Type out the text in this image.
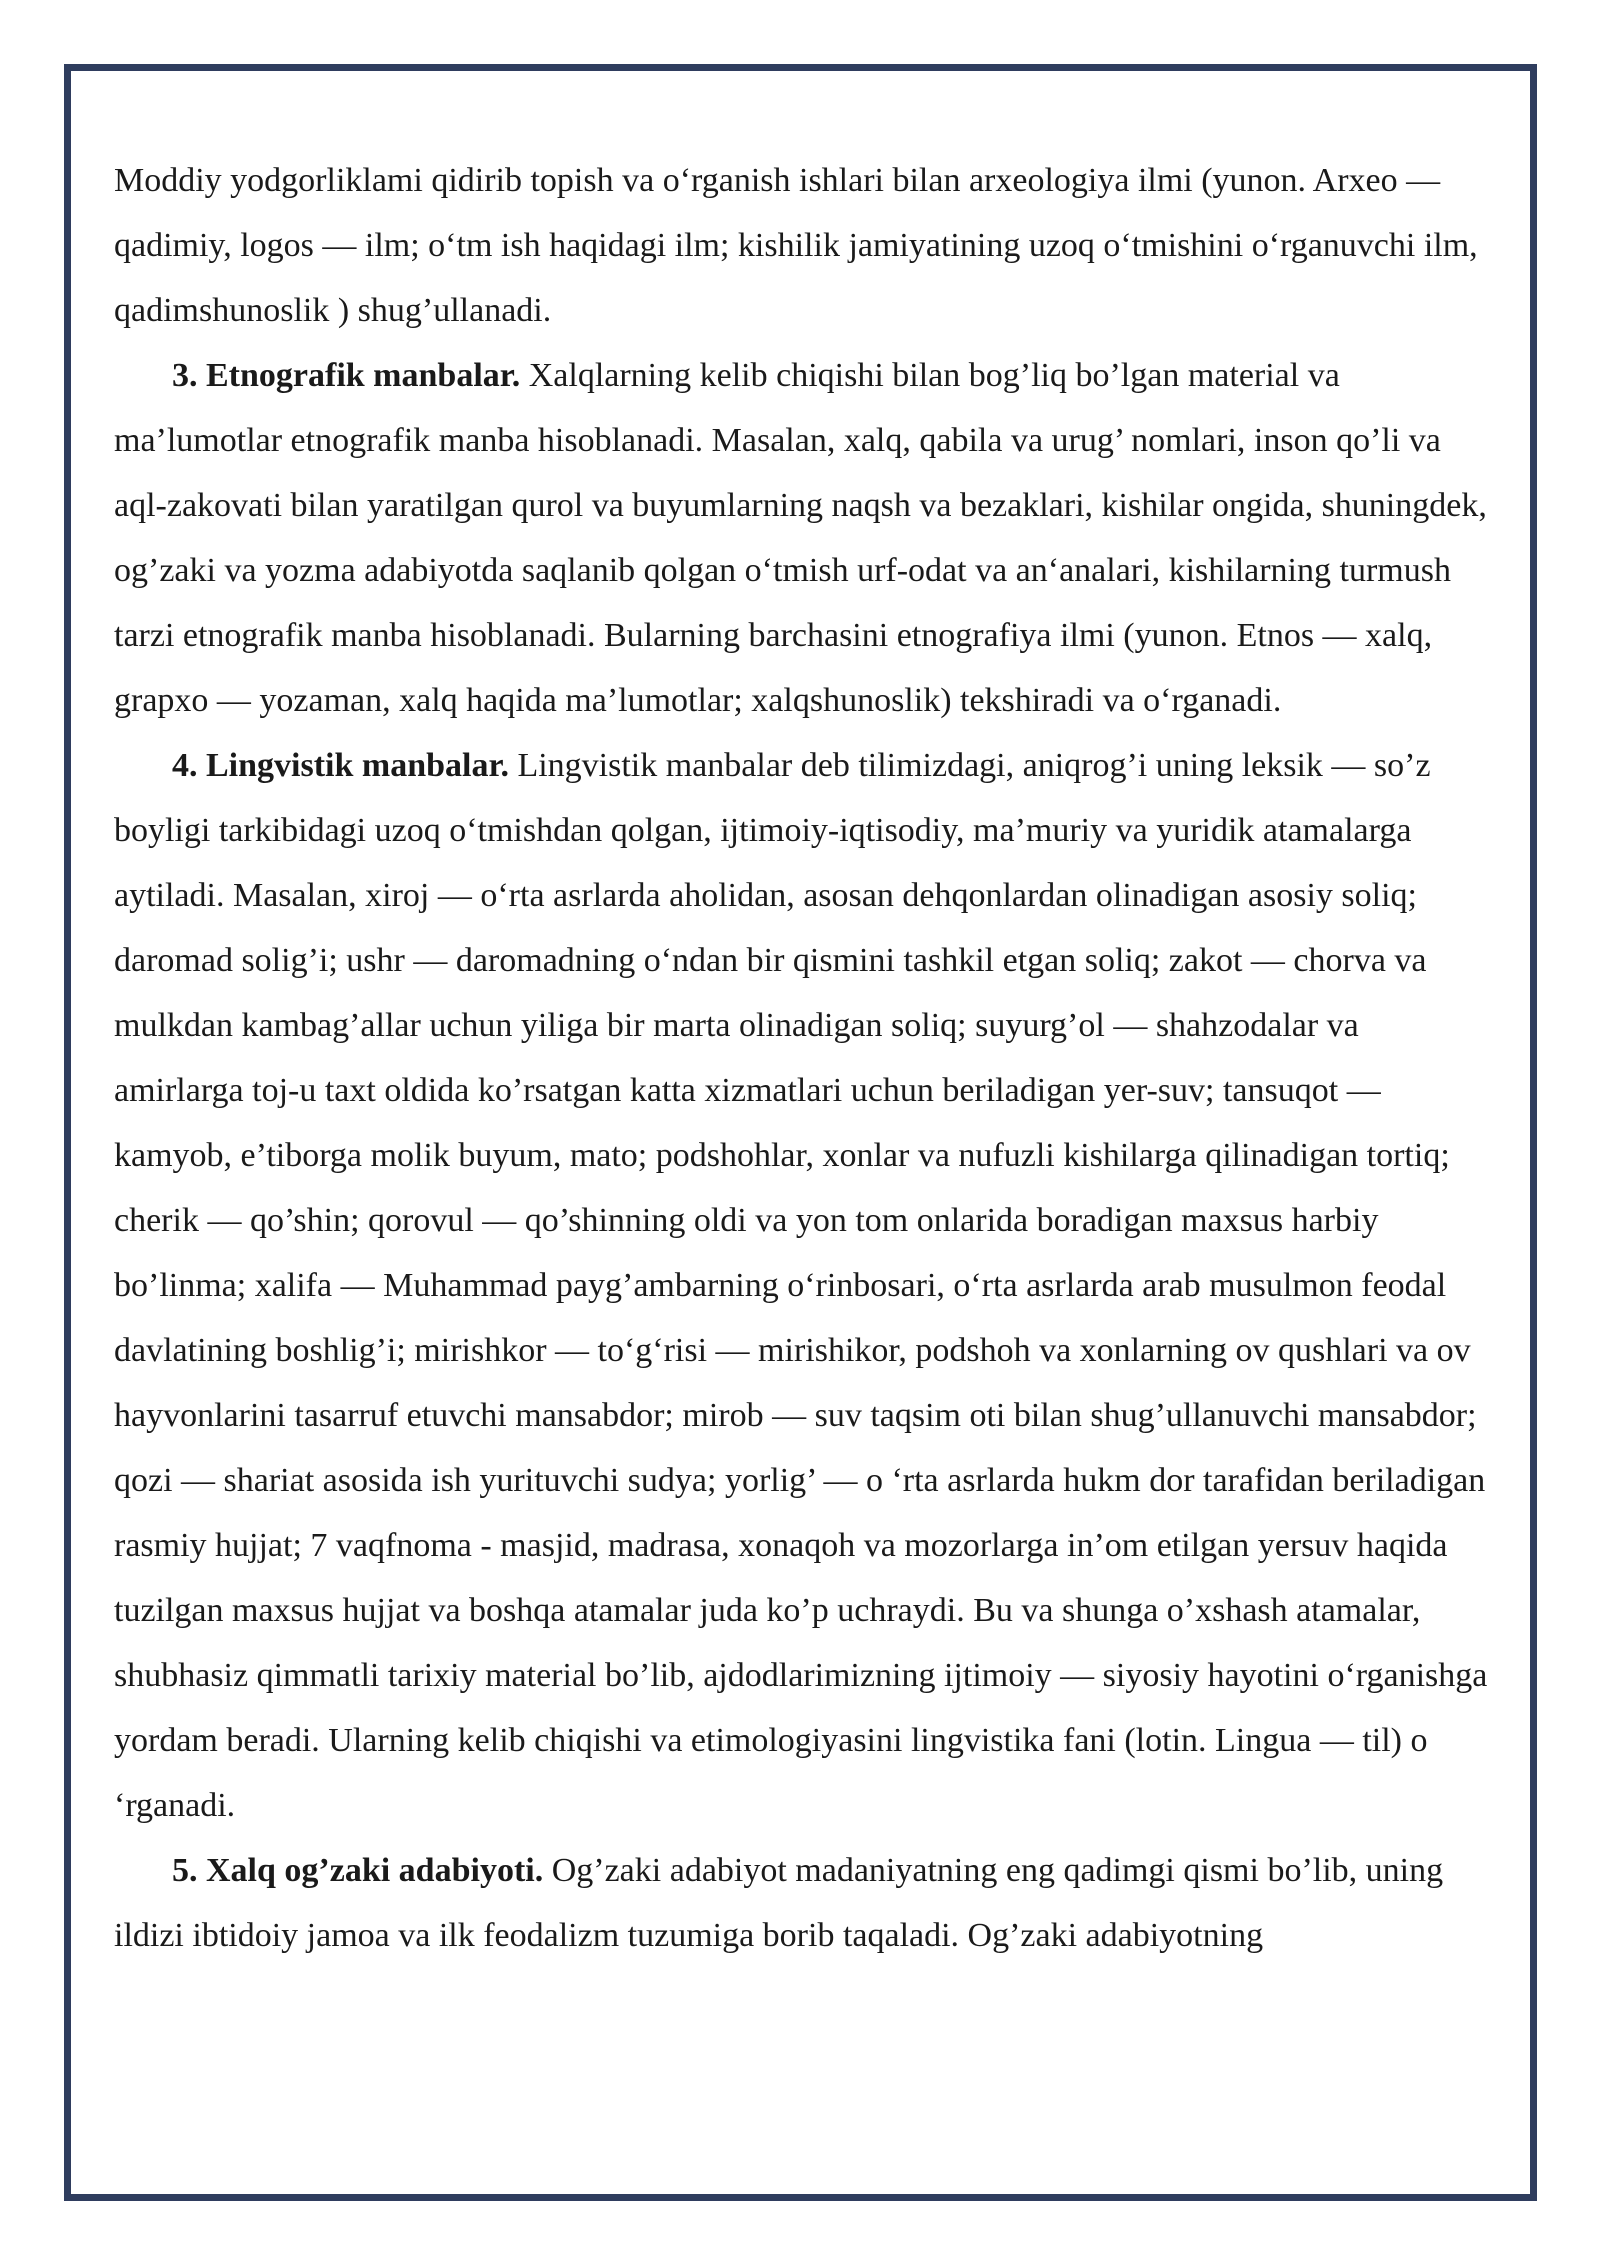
Moddiy yodgorliklami qidirib topish va o‘rganish ishlari bilan arxeologiya ilmi (yunon. Arxeo — qadimiy, logos — ilm; o‘tm ish haqidagi ilm; kishilik jamiyatining uzoq o‘tmishini o‘rganuvchi ilm, qadimshunoslik ) shug’ullanadi.

3. Etnografik manbalar. Xalqlarning kelib chiqishi bilan bog’liq bo’lgan material va ma’lumotlar etnografik manba hisoblanadi. Masalan, xalq, qabila va urug’ nomlari, inson qo’li va aql-zakovati bilan yaratilgan qurol va buyumlarning naqsh va bezaklari, kishilar ongida, shuningdek, og’zaki va yozma adabiyotda saqlanib qolgan o‘tmish urf-odat va an‘analari, kishilarning turmush tarzi etnografik manba hisoblanadi. Bularning barchasini etnografiya ilmi (yunon. Etnos — xalq, grapxo — yozaman, xalq haqida ma’lumotlar; xalqshunoslik) tekshiradi va o‘rganadi.

4. Lingvistik manbalar. Lingvistik manbalar deb tilimizdagi, aniqrog’i uning leksik — so’z boyligi tarkibidagi uzoq o‘tmishdan qolgan, ijtimoiy-iqtisodiy, ma’muriy va yuridik atamalarga aytiladi. Masalan, xiroj — o‘rta asrlarda aholidan, asosan dehqonlardan olinadigan asosiy soliq; daromad solig’i; ushr — daromadning o‘ndan bir qismini tashkil etgan soliq; zakot — chorva va mulkdan kambag’allar uchun yiliga bir marta olinadigan soliq; suyurg’ol — shahzodalar va amirlarga toj-u taxt oldida ko’rsatgan katta xizmatlari uchun beriladigan yer-suv; tansuqot — kamyob, e’tiborga molik buyum, mato; podshohlar, xonlar va nufuzli kishilarga qilinadigan tortiq; cherik — qo’shin; qorovul — qo’shinning oldi va yon tom onlarida boradigan maxsus harbiy bo’linma; xalifa — Muhammad payg’ambarning o‘rinbosari, o‘rta asrlarda arab musulmon feodal davlatining boshlig’i; mirishkor — to‘g‘risi — mirishikor, podshoh va xonlarning ov qushlari va ov hayvonlarini tasarruf etuvchi mansabdor; mirob — suv taqsim oti bilan shug’ullanuvchi mansabdor; qozi — shariat asosida ish yurituvchi sudya; yorlig’ — o ‘rta asrlarda hukm dor tarafidan beriladigan rasmiy hujjat; 7 vaqfnoma - masjid, madrasa, xonaqoh va mozorlarga in’om etilgan yersuv haqida tuzilgan maxsus hujjat va boshqa atamalar juda ko’p uchraydi. Bu va shunga o’xshash atamalar, shubhasiz qimmatli tarixiy material bo’lib, ajdodlarimizning ijtimoiy — siyosiy hayotini o‘rganishga yordam beradi. Ularning kelib chiqishi va etimologiyasini lingvistika fani (lotin. Lingua — til) o ‘rganadi.

5. Xalq og’zaki adabiyoti. Og’zaki adabiyot madaniyatning eng qadimgi qismi bo’lib, uning ildizi ibtidoiy jamoa va ilk feodalizm tuzumiga borib taqaladi. Og’zaki adabiyotning
